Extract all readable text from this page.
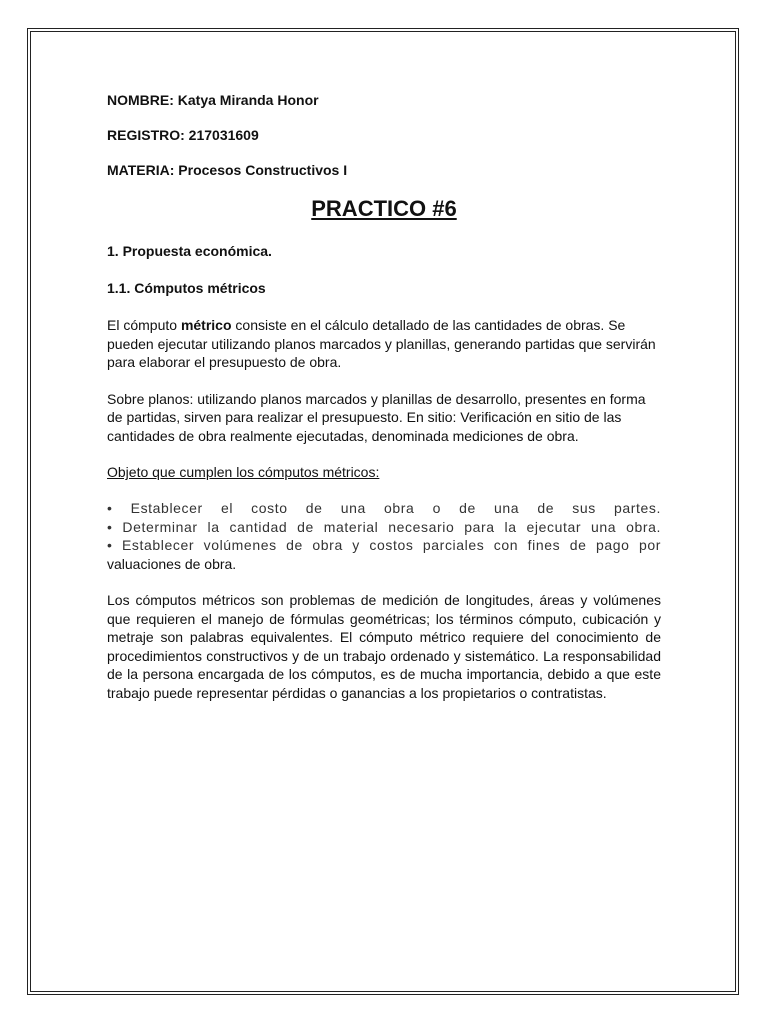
NOMBRE: Katya Miranda Honor
REGISTRO: 217031609
MATERIA: Procesos Constructivos I
PRACTICO #6
1. Propuesta económica.
1.1. Cómputos métricos

El cómputo métrico consiste en el cálculo detallado de las cantidades de obras. Se pueden ejecutar utilizando planos marcados y planillas, generando partidas que servirán para elaborar el presupuesto de obra.

Sobre planos: utilizando planos marcados y planillas de desarrollo, presentes en forma de partidas, sirven para realizar el presupuesto. En sitio: Verificación en sitio de las cantidades de obra realmente ejecutadas, denominada mediciones de obra.

Objeto que cumplen los cómputos métricos:
• Establecer el costo de una obra o de una de sus partes.
• Determinar la cantidad de material necesario para la ejecutar una obra.
• Establecer volúmenes de obra y costos parciales con fines de pago por
valuaciones de obra.

Los cómputos métricos son problemas de medición de longitudes, áreas y volúmenes que requieren el manejo de fórmulas geométricas; los términos cómputo, cubicación y metraje son palabras equivalentes. El cómputo métrico requiere del conocimiento de procedimientos constructivos y de un trabajo ordenado y sistemático. La responsabilidad de la persona encargada de los cómputos, es de mucha importancia, debido a que este trabajo puede representar pérdidas o ganancias a los propietarios o contratistas.
